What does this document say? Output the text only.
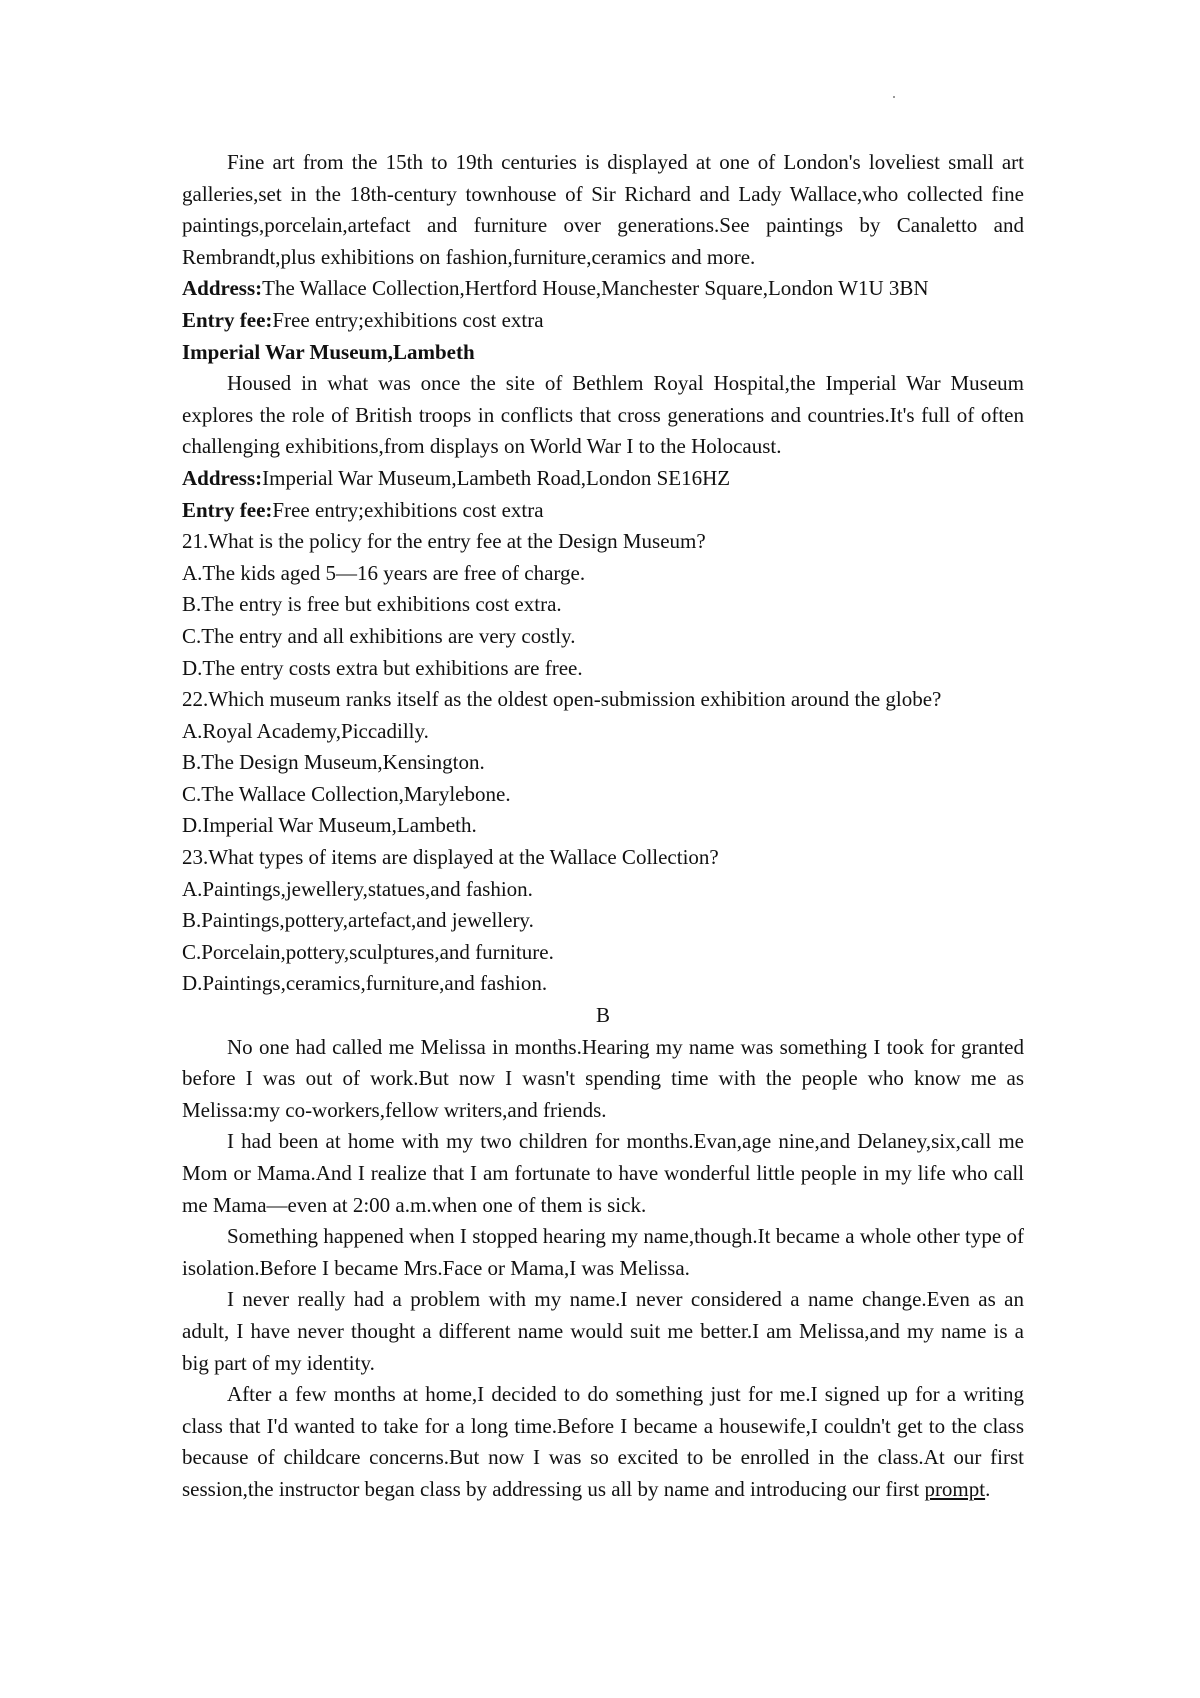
Fine art from the 15th to 19th centuries is displayed at one of London's loveliest small art galleries,set in the 18th-century townhouse of Sir Richard and Lady Wallace,who collected fine paintings,porcelain,artefact and furniture over generations.See paintings by Canaletto and Rembrandt,plus exhibitions on fashion,furniture,ceramics and more.

Address:The Wallace Collection,Hertford House,Manchester Square,London W1U 3BN

Entry fee:Free entry;exhibitions cost extra

Imperial War Museum,Lambeth

Housed in what was once the site of Bethlem Royal Hospital,the Imperial War Museum explores the role of British troops in conflicts that cross generations and countries.It's full of often challenging exhibitions,from displays on World War I to the Holocaust.

Address:Imperial War Museum,Lambeth Road,London SE16HZ

Entry fee:Free entry;exhibitions cost extra

21.What is the policy for the entry fee at the Design Museum?

A.The kids aged 5—16 years are free of charge.

B.The entry is free but exhibitions cost extra.

C.The entry and all exhibitions are very costly.

D.The entry costs extra but exhibitions are free.

22.Which museum ranks itself as the oldest open-submission exhibition around the globe?

A.Royal Academy,Piccadilly.

B.The Design Museum,Kensington.

C.The Wallace Collection,Marylebone.

D.Imperial War Museum,Lambeth.

23.What types of items are displayed at the Wallace Collection?

A.Paintings,jewellery,statues,and fashion.

B.Paintings,pottery,artefact,and jewellery.

C.Porcelain,pottery,sculptures,and furniture.

D.Paintings,ceramics,furniture,and fashion.

B

No one had called me Melissa in months.Hearing my name was something I took for granted before I was out of work.But now I wasn't spending time with the people who know me as Melissa:my co-workers,fellow writers,and friends.

I had been at home with my two children for months.Evan,age nine,and Delaney,six,call me Mom or Mama.And I realize that I am fortunate to have wonderful little people in my life who call me Mama—even at 2:00 a.m.when one of them is sick.

Something happened when I stopped hearing my name,though.It became a whole other type of isolation.Before I became Mrs.Face or Mama,I was Melissa.

I never really had a problem with my name.I never considered a name change.Even as an adult, I have never thought a different name would suit me better.I am Melissa,and my name is a big part of my identity.

After a few months at home,I decided to do something just for me.I signed up for a writing class that I'd wanted to take for a long time.Before I became a housewife,I couldn't get to the class because of childcare concerns.But now I was so excited to be enrolled in the class.At our first session,the instructor began class by addressing us all by name and introducing our first prompt.
